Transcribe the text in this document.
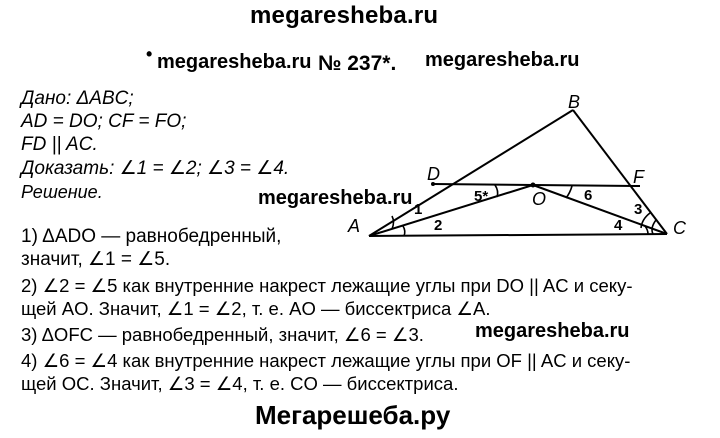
megaresheba.ru
• megaresheba.ru № 237*. megaresheba.ru
Дано: ΔABC;
AD = DO; CF = FO;
FD || AC.
Доказать: ∠1 = ∠2; ∠3 = ∠4.
Решение.	megaresheba.ru
1) ΔADO — равнобедренный,
значит, ∠1 = ∠5.
2) ∠2 = ∠5 как внутренние накрест лежащие углы при DO || AC и секу-
щей AO. Значит, ∠1 = ∠2, т. е. AO — биссектриса ∠A.
3) ΔOFC — равнобедренный, значит, ∠6 = ∠3.	megaresheba.ru
4) ∠6 = ∠4 как внутренние накрест лежащие углы при OF || AC и секу-
щей OC. Значит, ∠3 = ∠4, т. е. CO — биссектриса.
Мегарешеба.ру
A
B
C
D	F
O
1
2
3
4
5*	6
